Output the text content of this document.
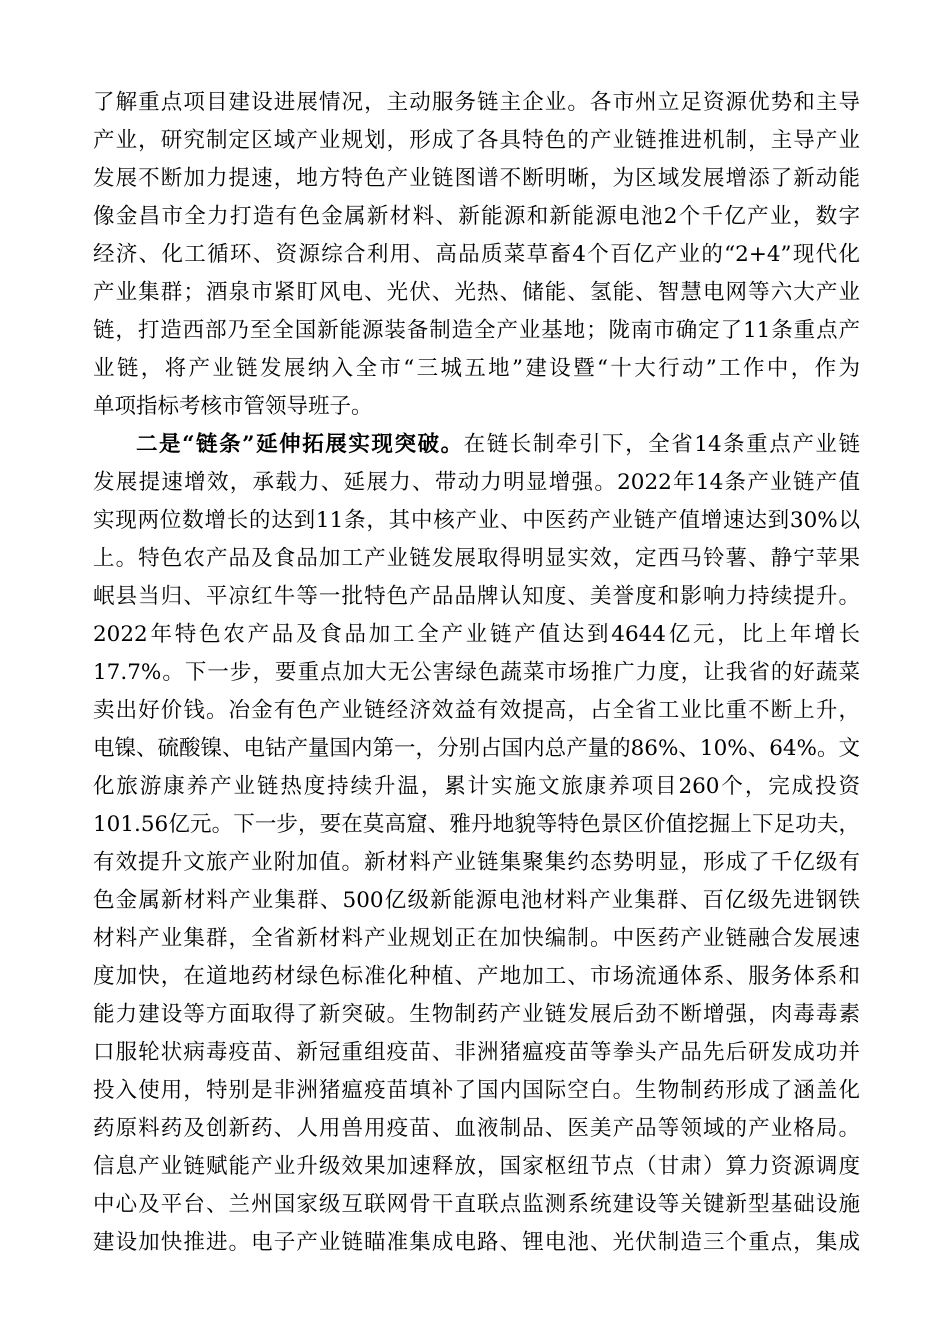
了解重点项目建设进展情况，主动服务链主企业。各市州立足资源优势和主导
产业，研究制定区域产业规划，形成了各具特色的产业链推进机制，主导产业
发展不断加力提速，地方特色产业链图谱不断明晰，为区域发展增添了新动能
像金昌市全力打造有色金属新材料、新能源和新能源电池2个千亿产业，数字
经济、化工循环、资源综合利用、高品质菜草畜4个百亿产业的“2+4”现代化
产业集群；酒泉市紧盯风电、光伏、光热、储能、氢能、智慧电网等六大产业
链，打造西部乃至全国新能源装备制造全产业基地；陇南市确定了11条重点产
业链，将产业链发展纳入全市“三城五地”建设暨“十大行动”工作中，作为
单项指标考核市管领导班子。
二是“链条”延伸拓展实现突破。在链长制牵引下，全省14条重点产业链
发展提速增效，承载力、延展力、带动力明显增强。2022年14条产业链产值
实现两位数增长的达到11条，其中核产业、中医药产业链产值增速达到30%以
上。特色农产品及食品加工产业链发展取得明显实效，定西马铃薯、静宁苹果
岷县当归、平凉红牛等一批特色产品品牌认知度、美誉度和影响力持续提升。
2022年特色农产品及食品加工全产业链产值达到4644亿元，比上年增长
17.7%。下一步，要重点加大无公害绿色蔬菜市场推广力度，让我省的好蔬菜
卖出好价钱。冶金有色产业链经济效益有效提高，占全省工业比重不断上升，
电镍、硫酸镍、电钴产量国内第一，分别占国内总产量的86%、10%、64%。文
化旅游康养产业链热度持续升温，累计实施文旅康养项目260个，完成投资
101.56亿元。下一步，要在莫高窟、雅丹地貌等特色景区价值挖掘上下足功夫，
有效提升文旅产业附加值。新材料产业链集聚集约态势明显，形成了千亿级有
色金属新材料产业集群、500亿级新能源电池材料产业集群、百亿级先进钢铁
材料产业集群，全省新材料产业规划正在加快编制。中医药产业链融合发展速
度加快，在道地药材绿色标准化种植、产地加工、市场流通体系、服务体系和
能力建设等方面取得了新突破。生物制药产业链发展后劲不断增强，肉毒毒素
口服轮状病毒疫苗、新冠重组疫苗、非洲猪瘟疫苗等拳头产品先后研发成功并
投入使用，特别是非洲猪瘟疫苗填补了国内国际空白。生物制药形成了涵盖化
药原料药及创新药、人用兽用疫苗、血液制品、医美产品等领域的产业格局。
信息产业链赋能产业升级效果加速释放，国家枢纽节点（甘肃）算力资源调度
中心及平台、兰州国家级互联网骨干直联点监测系统建设等关键新型基础设施
建设加快推进。电子产业链瞄准集成电路、锂电池、光伏制造三个重点，集成
